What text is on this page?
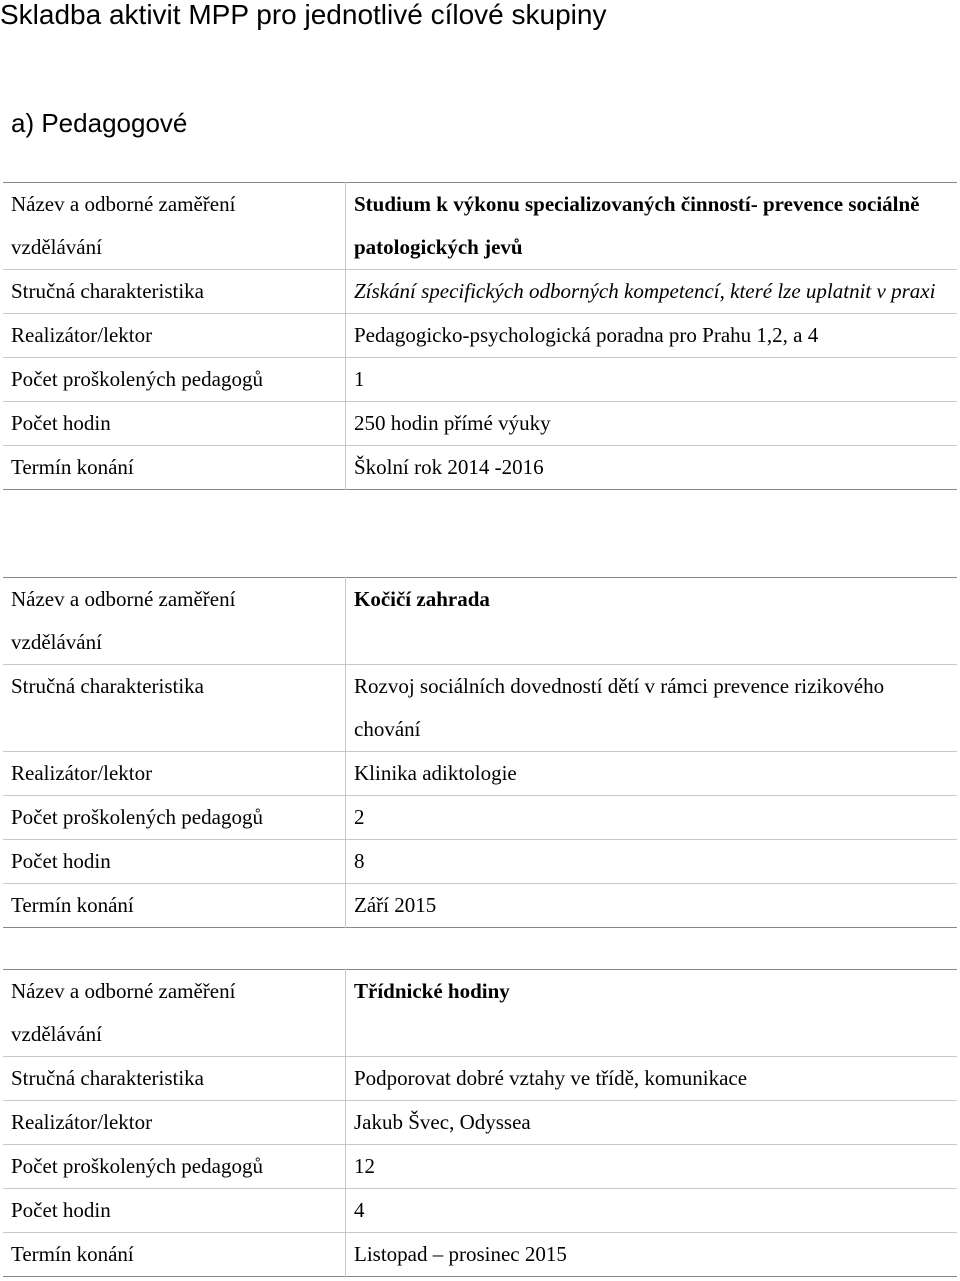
Skladba aktivit MPP pro jednotlivé cílové skupiny
a) Pedagogové
Název a odborné zaměření
vzdělávání	Studium k výkonu specializovaných činností- prevence sociálně patologických jevů
Stručná charakteristika	Získání specifických odborných kompetencí, které lze uplatnit v praxi
Realizátor/lektor	Pedagogicko-psychologická poradna pro Prahu 1,2, a 4
Počet proškolených pedagogů	1
Počet hodin	250 hodin přímé výuky
Termín konání	Školní rok 2014 -2016
Název a odborné zaměření
vzdělávání	Kočičí zahrada
Stručná charakteristika	Rozvoj sociálních dovedností dětí v rámci prevence rizikového chování
Realizátor/lektor	Klinika adiktologie
Počet proškolených pedagogů	2
Počet hodin	8
Termín konání	Září 2015
Název a odborné zaměření
vzdělávání	Třídnické hodiny
Stručná charakteristika	Podporovat dobré vztahy ve třídě, komunikace
Realizátor/lektor	Jakub Švec, Odyssea
Počet proškolených pedagogů	12
Počet hodin	4
Termín konání	Listopad – prosinec 2015
